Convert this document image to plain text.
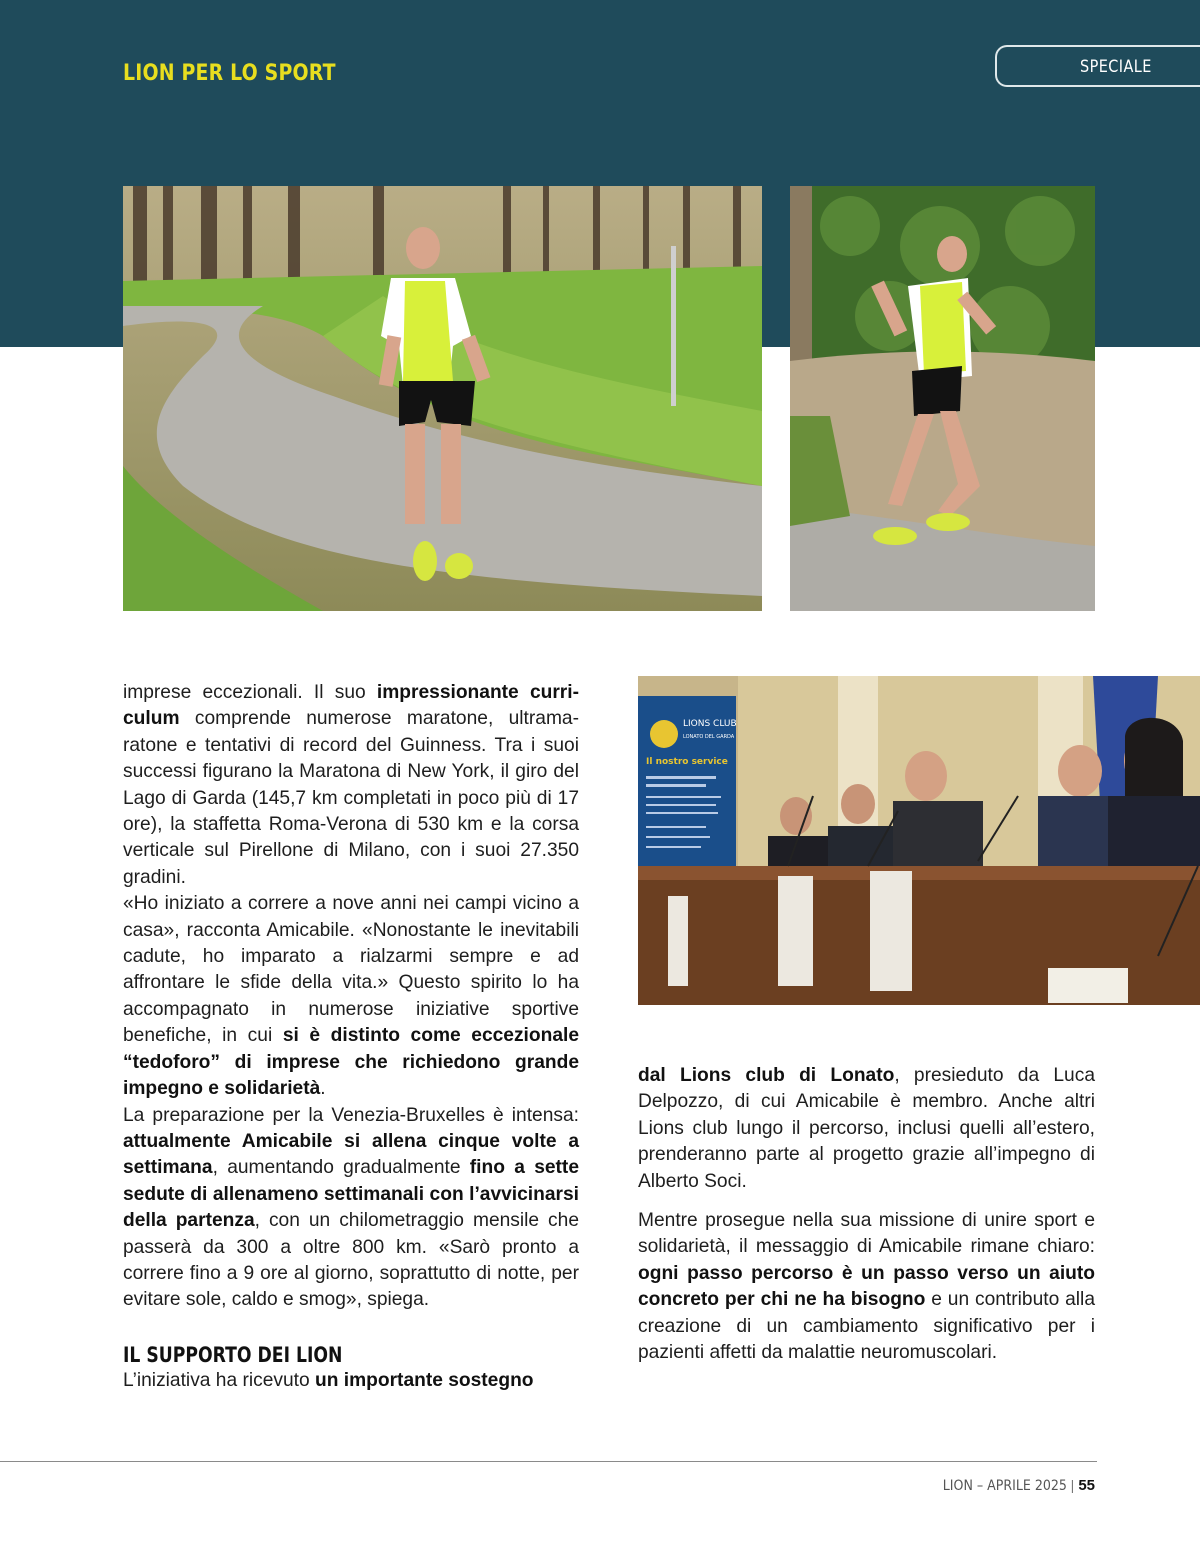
LION PER LO SPORT	SPECIALE
LIONS CLUB
LONATO DEL GARDA
Il nostro service

imprese eccezionali. Il suo impressionante curriculum comprende numerose maratone, ultramaratone e tentativi di record del Guinness. Tra i suoi successi figurano la Maratona di New York, il giro del Lago di Garda (145,7 km completati in poco più di 17 ore), la staffetta Roma-Verona di 530 km e la corsa verticale sul Pirellone di Milano, con i suoi 27.350 gradini.

«Ho iniziato a correre a nove anni nei campi vicino a casa», racconta Amicabile. «Nonostante le inevitabili cadute, ho imparato a rialzarmi sempre e ad affrontare le sfide della vita.» Questo spirito lo ha accompagnato in numerose iniziative sportive benefiche, in cui si è distinto come eccezionale “tedoforo” di imprese che richiedono grande impegno e solidarietà.

La preparazione per la Venezia-Bruxelles è intensa: attualmente Amicabile si allena cinque volte a settimana, aumentando gradualmente fino a sette sedute di allenameno settimanali con l’avvicinarsi della partenza, con un chilometraggio mensile che passerà da 300 a oltre 800 km. «Sarò pronto a correre fino a 9 ore al giorno, soprattutto di notte, per evitare sole, caldo e smog», spiega.

IL SUPPORTO DEI LION

L’iniziativa ha ricevuto un importante sostegno

dal Lions club di Lonato, presieduto da Luca Delpozzo, di cui Amicabile è membro. Anche altri Lions club lungo il percorso, inclusi quelli all’estero, prenderanno parte al progetto grazie all’impegno di Alberto Soci.

Mentre prosegue nella sua missione di unire sport e solidarietà, il messaggio di Amicabile rimane chiaro: ogni passo percorso è un passo verso un aiuto concreto per chi ne ha bisogno e un contributo alla creazione di un cambiamento significativo per i pazienti affetti da malattie neuromuscolari.

LION – APRILE 2025 | 55
